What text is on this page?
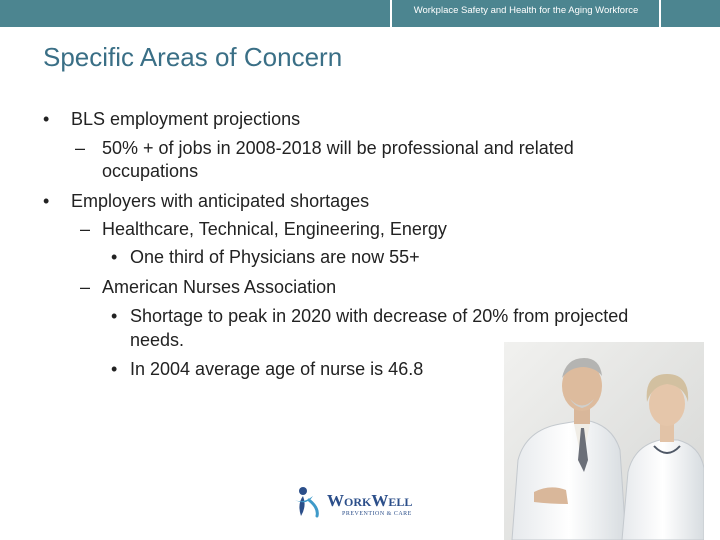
Workplace Safety and Health for the Aging Workforce
Specific Areas of Concern
• BLS employment projections
– 50% + of jobs in 2008-2018 will be professional and related
occupations
• Employers with anticipated shortages
– Healthcare, Technical, Engineering, Energy
• One third of Physicians are now 55+
– American Nurses Association
• Shortage to peak in 2020 with decrease of 20% from projected
needs.
• In 2004 average age of nurse is 46.8
WORKWELL
PREVENTION & CARE
